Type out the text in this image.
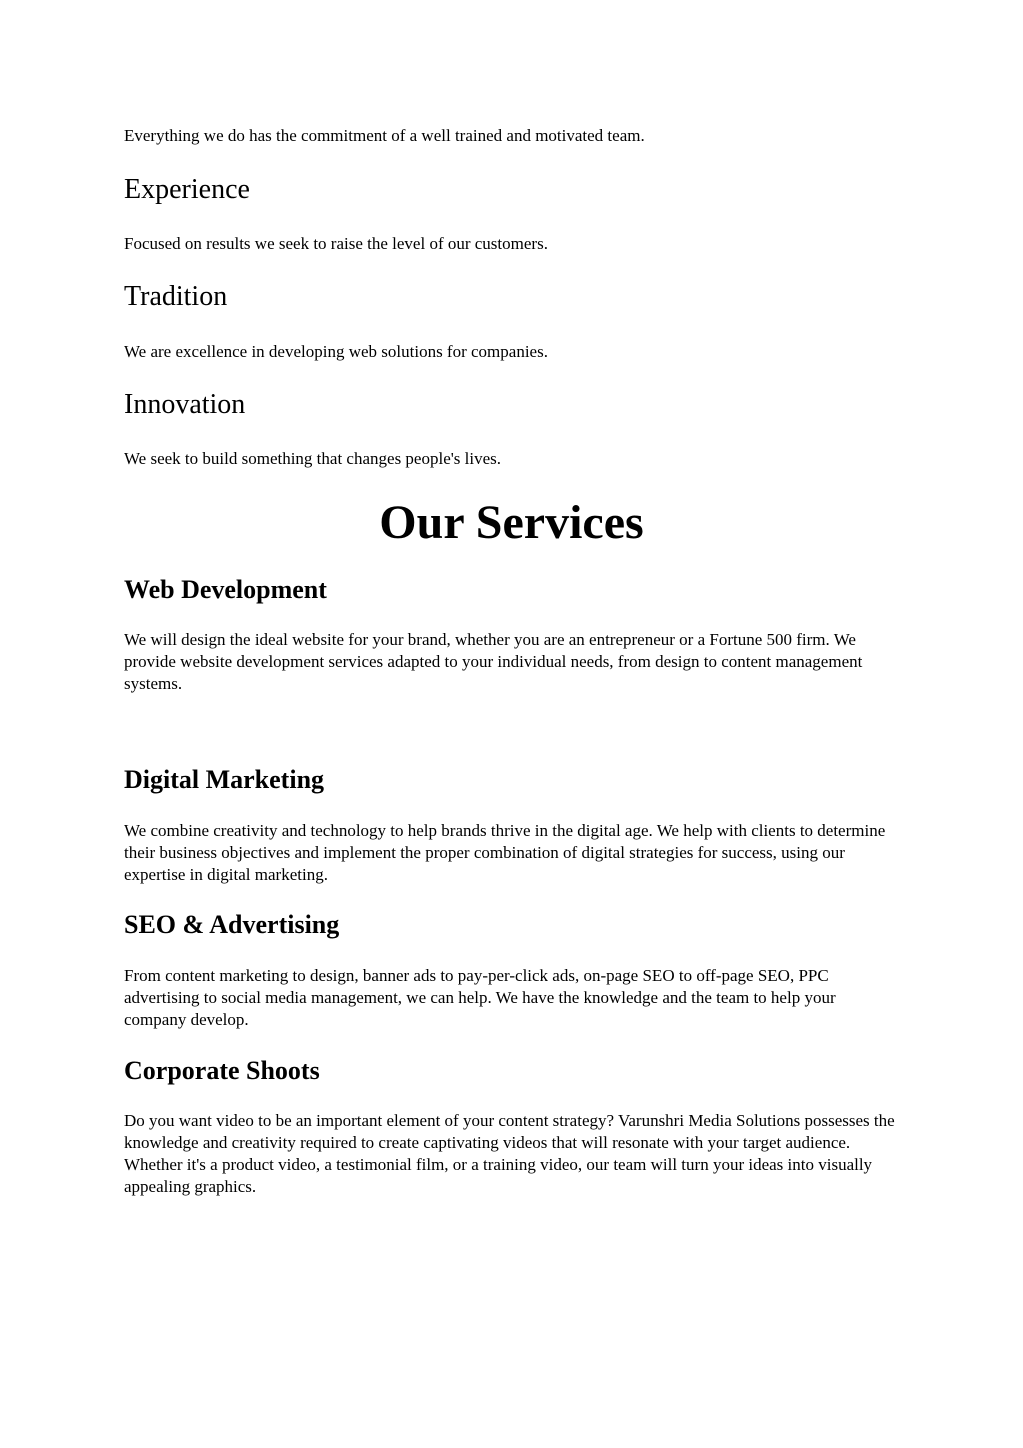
Everything we do has the commitment of a well trained and motivated team.

Experience

Focused on results we seek to raise the level of our customers.

Tradition

We are excellence in developing web solutions for companies.

Innovation

We seek to build something that changes people's lives.

Our Services
Web Development

We will design the ideal website for your brand, whether you are an entrepreneur or a Fortune 500 firm. We provide website development services adapted to your individual needs, from design to content management systems.

Digital Marketing

We combine creativity and technology to help brands thrive in the digital age. We help with clients to determine their business objectives and implement the proper combination of digital strategies for success, using our expertise in digital marketing.

SEO & Advertising

From content marketing to design, banner ads to pay-per-click ads, on-page SEO to off-page SEO, PPC advertising to social media management, we can help. We have the knowledge and the team to help your company develop.

Corporate Shoots

Do you want video to be an important element of your content strategy? Varunshri Media Solutions possesses the knowledge and creativity required to create captivating videos that will resonate with your target audience. Whether it's a product video, a testimonial film, or a training video, our team will turn your ideas into visually appealing graphics.
